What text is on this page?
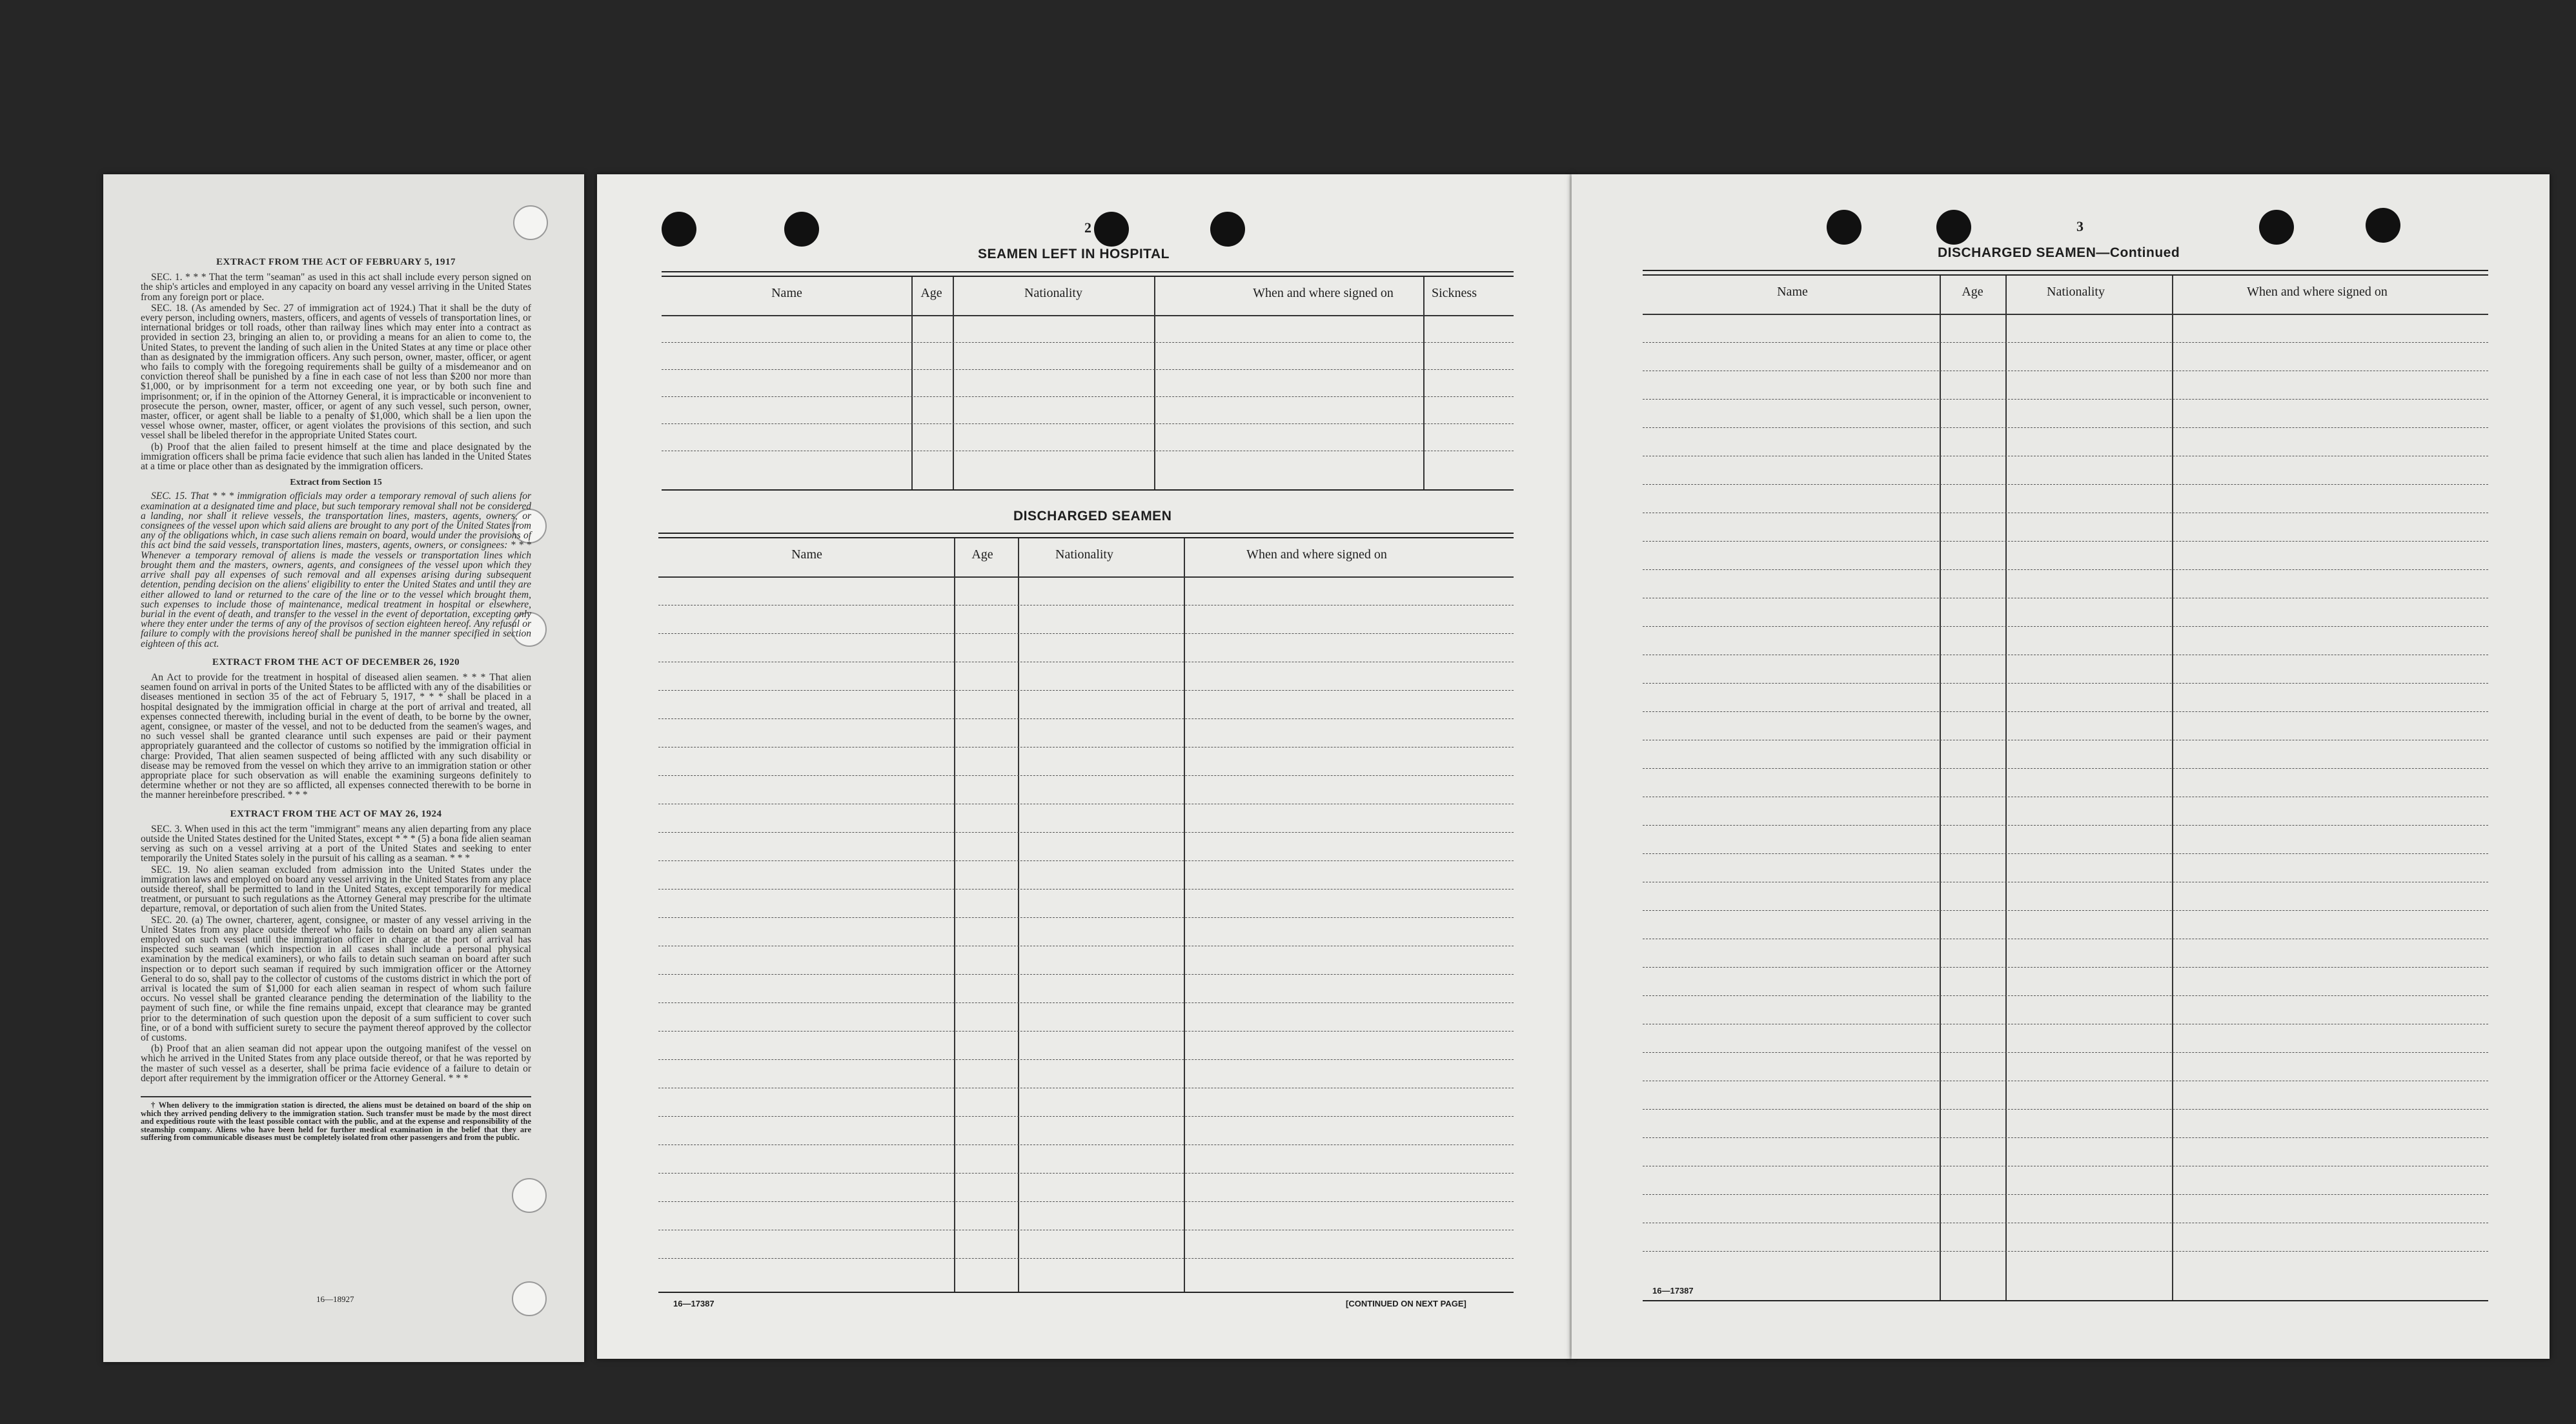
EXTRACT FROM THE ACT OF FEBRUARY 5, 1917

SEC. 1. * * * That the term "seaman" as used in this act shall include every person signed on the ship's articles and employed in any capacity on board any vessel arriving in the United States from any foreign port or place.

SEC. 18. (As amended by Sec. 27 of immigration act of 1924.) That it shall be the duty of every person, including owners, masters, officers, and agents of vessels of transportation lines, or international bridges or toll roads, other than railway lines which may enter into a contract as provided in section 23, bringing an alien to, or providing a means for an alien to come to, the United States, to prevent the landing of such alien in the United States at any time or place other than as designated by the immigration officers. Any such person, owner, master, officer, or agent who fails to comply with the foregoing requirements shall be guilty of a misdemeanor and on conviction thereof shall be punished by a fine in each case of not less than $200 nor more than $1,000, or by imprisonment for a term not exceeding one year, or by both such fine and imprisonment; or, if in the opinion of the Attorney General, it is impracticable or inconvenient to prosecute the person, owner, master, officer, or agent of any such vessel, such person, owner, master, officer, or agent shall be liable to a penalty of $1,000, which shall be a lien upon the vessel whose owner, master, officer, or agent violates the provisions of this section, and such vessel shall be libeled therefor in the appropriate United States court.

(b) Proof that the alien failed to present himself at the time and place designated by the immigration officers shall be prima facie evidence that such alien has landed in the United States at a time or place other than as designated by the immigration officers.

Extract from Section 15

SEC. 15. That * * * immigration officials may order a temporary removal of such aliens for examination at a designated time and place, but such temporary removal shall not be considered a landing, nor shall it relieve vessels, the transportation lines, masters, agents, owners, or consignees of the vessel upon which said aliens are brought to any port of the United States from any of the obligations which, in case such aliens remain on board, would under the provisions of this act bind the said vessels, transportation lines, masters, agents, owners, or consignees: * * * Whenever a temporary removal of aliens is made the vessels or transportation lines which brought them and the masters, owners, agents, and consignees of the vessel upon which they arrive shall pay all expenses of such removal and all expenses arising during subsequent detention, pending decision on the aliens' eligibility to enter the United States and until they are either allowed to land or returned to the care of the line or to the vessel which brought them, such expenses to include those of maintenance, medical treatment in hospital or elsewhere, burial in the event of death, and transfer to the vessel in the event of deportation, excepting only where they enter under the terms of any of the provisos of section eighteen hereof. Any refusal or failure to comply with the provisions hereof shall be punished in the manner specified in section eighteen of this act.

EXTRACT FROM THE ACT OF DECEMBER 26, 1920

An Act to provide for the treatment in hospital of diseased alien seamen. * * * That alien seamen found on arrival in ports of the United States to be afflicted with any of the disabilities or diseases mentioned in section 35 of the act of February 5, 1917, * * * shall be placed in a hospital designated by the immigration official in charge at the port of arrival and treated, all expenses connected therewith, including burial in the event of death, to be borne by the owner, agent, consignee, or master of the vessel, and not to be deducted from the seamen's wages, and no such vessel shall be granted clearance until such expenses are paid or their payment appropriately guaranteed and the collector of customs so notified by the immigration official in charge: Provided, That alien seamen suspected of being afflicted with any such disability or disease may be removed from the vessel on which they arrive to an immigration station or other appropriate place for such observation as will enable the examining surgeons definitely to determine whether or not they are so afflicted, all expenses connected therewith to be borne in the manner hereinbefore prescribed. * * *

EXTRACT FROM THE ACT OF MAY 26, 1924

SEC. 3. When used in this act the term "immigrant" means any alien departing from any place outside the United States destined for the United States, except * * * (5) a bona fide alien seaman serving as such on a vessel arriving at a port of the United States and seeking to enter temporarily the United States solely in the pursuit of his calling as a seaman. * * *

SEC. 19. No alien seaman excluded from admission into the United States under the immigration laws and employed on board any vessel arriving in the United States from any place outside thereof, shall be permitted to land in the United States, except temporarily for medical treatment, or pursuant to such regulations as the Attorney General may prescribe for the ultimate departure, removal, or deportation of such alien from the United States.

SEC. 20. (a) The owner, charterer, agent, consignee, or master of any vessel arriving in the United States from any place outside thereof who fails to detain on board any alien seaman employed on such vessel until the immigration officer in charge at the port of arrival has inspected such seaman (which inspection in all cases shall include a personal physical examination by the medical examiners), or who fails to detain such seaman on board after such inspection or to deport such seaman if required by such immigration officer or the Attorney General to do so, shall pay to the collector of customs of the customs district in which the port of arrival is located the sum of $1,000 for each alien seaman in respect of whom such failure occurs. No vessel shall be granted clearance pending the determination of the liability to the payment of such fine, or while the fine remains unpaid, except that clearance may be granted prior to the determination of such question upon the deposit of a sum sufficient to cover such fine, or of a bond with sufficient surety to secure the payment thereof approved by the collector of customs.

(b) Proof that an alien seaman did not appear upon the outgoing manifest of the vessel on which he arrived in the United States from any place outside thereof, or that he was reported by the master of such vessel as a deserter, shall be prima facie evidence of a failure to detain or deport after requirement by the immigration officer or the Attorney General. * * *

† When delivery to the immigration station is directed, the aliens must be detained on board of the ship on which they arrived pending delivery to the immigration station. Such transfer must be made by the most direct and expeditious route with the least possible contact with the public, and at the expense and responsibility of the steamship company. Aliens who have been held for further medical examination in the belief that they are suffering from communicable diseases must be completely isolated from other passengers and from the public.

16—18927
2
SEAMEN LEFT IN HOSPITAL
Name	Age	Nationality	When and where signed on	Sickness
DISCHARGED SEAMEN
Name	Age	Nationality	When and where signed on
16—17387	[CONTINUED ON NEXT PAGE]
3
DISCHARGED SEAMEN—Continued
Name	Age	Nationality	When and where signed on
16—17387
